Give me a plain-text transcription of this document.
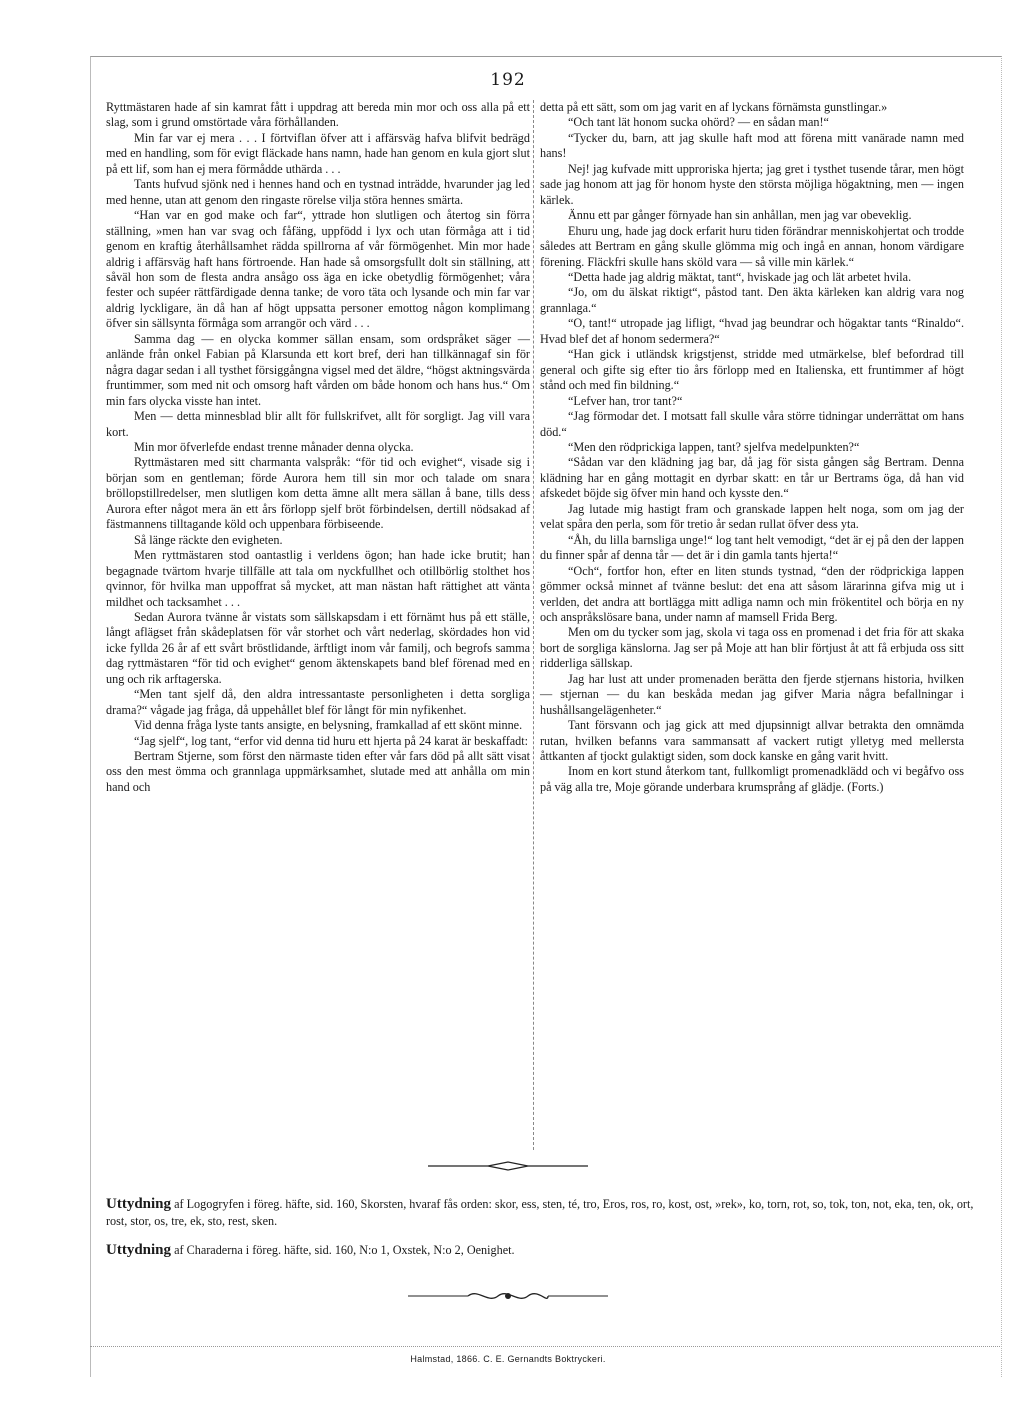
192

Ryttmästaren hade af sin kamrat fått i uppdrag att bereda min mor och oss alla på ett slag, som i grund omstörtade våra förhållanden.

Min far var ej mera . . . I förtviflan öfver att i affärsväg hafva blifvit bedrägd med en handling, som för evigt fläckade hans namn, hade han genom en kula gjort slut på ett lif, som han ej mera förmådde uthärda . . .

Tants hufvud sjönk ned i hennes hand och en tystnad inträdde, hvarunder jag led med henne, utan att genom den ringaste rörelse vilja störa hennes smärta.

“Han var en god make och far“, yttrade hon slutligen och återtog sin förra ställning, »men han var svag och fåfäng, uppfödd i lyx och utan förmåga att i tid genom en kraftig återhållsamhet rädda spillrorna af vår förmögenhet. Min mor hade aldrig i affärsväg haft hans förtroende. Han hade så omsorgsfullt dolt sin ställning, att såväl hon som de flesta andra ansågo oss äga en icke obetydlig förmögenhet; våra fester och supéer rättfärdigade denna tanke; de voro täta och lysande och min far var aldrig lyckligare, än då han af högt uppsatta personer emottog någon komplimang öfver sin sällsynta förmåga som arrangör och värd . . .

Samma dag — en olycka kommer sällan ensam, som ordspråket säger — anlände från onkel Fabian på Klarsunda ett kort bref, deri han tillkännagaf sin för några dagar sedan i all tysthet försiggångna vigsel med det äldre, “högst aktningsvärda fruntimmer, som med nit och omsorg haft vården om både honom och hans hus.“ Om min fars olycka visste han intet.

Men — detta minnesblad blir allt för fullskrifvet, allt för sorgligt. Jag vill vara kort.

Min mor öfverlefde endast trenne månader denna olycka.

Ryttmästaren med sitt charmanta valspråk: “för tid och evighet“, visade sig i början som en gentleman; förde Aurora hem till sin mor och talade om snara bröllopstillredelser, men slutligen kom detta ämne allt mera sällan å bane, tills dess Aurora efter något mera än ett års förlopp sjelf bröt förbindelsen, dertill nödsakad af fästmannens tilltagande köld och uppenbara förbiseende.

Så länge räckte den evigheten.

Men ryttmästaren stod oantastlig i verldens ögon; han hade icke brutit; han begagnade tvärtom hvarje tillfälle att tala om nyckfullhet och otillbörlig stolthet hos qvinnor, för hvilka man uppoffrat så mycket, att man nästan haft rättighet att vänta mildhet och tacksamhet . . .

Sedan Aurora tvänne år vistats som sällskapsdam i ett förnämt hus på ett ställe, långt aflägset från skådeplatsen för vår storhet och vårt nederlag, skördades hon vid icke fyllda 26 år af ett svårt bröstlidande, ärftligt inom vår familj, och begrofs samma dag ryttmästaren “för tid och evighet“ genom äktenskapets band blef förenad med en ung och rik arftagerska.

“Men tant sjelf då, den aldra intressantaste personligheten i detta sorgliga drama?“ vågade jag fråga, då uppehållet blef för långt för min nyfikenhet.

Vid denna fråga lyste tants ansigte, en belysning, framkallad af ett skönt minne.

“Jag sjelf“, log tant, “erfor vid denna tid huru ett hjerta på 24 karat är beskaffadt:

Bertram Stjerne, som först den närmaste tiden efter vår fars död på allt sätt visat oss den mest ömma och grannlaga uppmärksamhet, slutade med att anhålla om min hand och

detta på ett sätt, som om jag varit en af lyckans förnämsta gunstlingar.»

“Och tant lät honom sucka ohörd? — en sådan man!“

“Tycker du, barn, att jag skulle haft mod att förena mitt vanärade namn med hans!

Nej! jag kufvade mitt upproriska hjerta; jag gret i tysthet tusende tårar, men högt sade jag honom att jag för honom hyste den största möjliga högaktning, men — ingen kärlek.

Ännu ett par gånger förnyade han sin anhållan, men jag var obeveklig.

Ehuru ung, hade jag dock erfarit huru tiden förändrar menniskohjertat och trodde således att Bertram en gång skulle glömma mig och ingå en annan, honom värdigare förening. Fläckfri skulle hans sköld vara — så ville min kärlek.“

“Detta hade jag aldrig mäktat, tant“, hviskade jag och lät arbetet hvila.

“Jo, om du älskat riktigt“, påstod tant. Den äkta kärleken kan aldrig vara nog grannlaga.“

“O, tant!“ utropade jag lifligt, “hvad jag beundrar och högaktar tants “Rinaldo“. Hvad blef det af honom sedermera?“

“Han gick i utländsk krigstjenst, stridde med utmärkelse, blef befordrad till general och gifte sig efter tio års förlopp med en Italienska, ett fruntimmer af högt stånd och med fin bildning.“

“Lefver han, tror tant?“

“Jag förmodar det. I motsatt fall skulle våra större tidningar underrättat om hans död.“

“Men den rödprickiga lappen, tant? sjelfva medelpunkten?“

“Sådan var den klädning jag bar, då jag för sista gången såg Bertram. Denna klädning har en gång mottagit en dyrbar skatt: en tår ur Bertrams öga, då han vid afskedet böjde sig öfver min hand och kysste den.“

Jag lutade mig hastigt fram och granskade lappen helt noga, som om jag der velat spåra den perla, som för tretio år sedan rullat öfver dess yta.

“Åh, du lilla barnsliga unge!“ log tant helt vemodigt, “det är ej på den der lappen du finner spår af denna tår — det är i din gamla tants hjerta!“

“Och“, fortfor hon, efter en liten stunds tystnad, “den der rödprickiga lappen gömmer också minnet af tvänne beslut: det ena att såsom lärarinna gifva mig ut i verlden, det andra att bortlägga mitt adliga namn och min frökentitel och börja en ny och anspråkslösare bana, under namn af mamsell Frida Berg.

Men om du tycker som jag, skola vi taga oss en promenad i det fria för att skaka bort de sorgliga känslorna. Jag ser på Moje att han blir förtjust åt att få erbjuda oss sitt ridderliga sällskap.

Jag har lust att under promenaden berätta den fjerde stjernans historia, hvilken — stjernan — du kan beskåda medan jag gifver Maria några befallningar i hushållsangelägenheter.“

Tant försvann och jag gick att med djupsinnigt allvar betrakta den omnämda rutan, hvilken befanns vara sammansatt af vackert rutigt ylletyg med mellersta åttkanten af tjockt gulaktigt siden, som dock kanske en gång varit hvitt.

Inom en kort stund återkom tant, fullkomligt promenadklädd och vi begåfvo oss på väg alla tre, Moje görande underbara krumsprång af glädje. (Forts.)

Uttydning af Logogryfen i föreg. häfte, sid. 160, Skorsten, hvaraf fås orden: skor, ess, sten, té, tro, Eros, ros, ro, kost, ost, »rek», ko, torn, rot, so, tok, ton, not, eka, ten, ok, ort, rost, stor, os, tre, ek, sto, rest, sken.
Uttydning af Charaderna i föreg. häfte, sid. 160, N:o 1, Oxstek, N:o 2, Oenighet.
Halmstad, 1866. C. E. Gernandts Boktryckeri.
